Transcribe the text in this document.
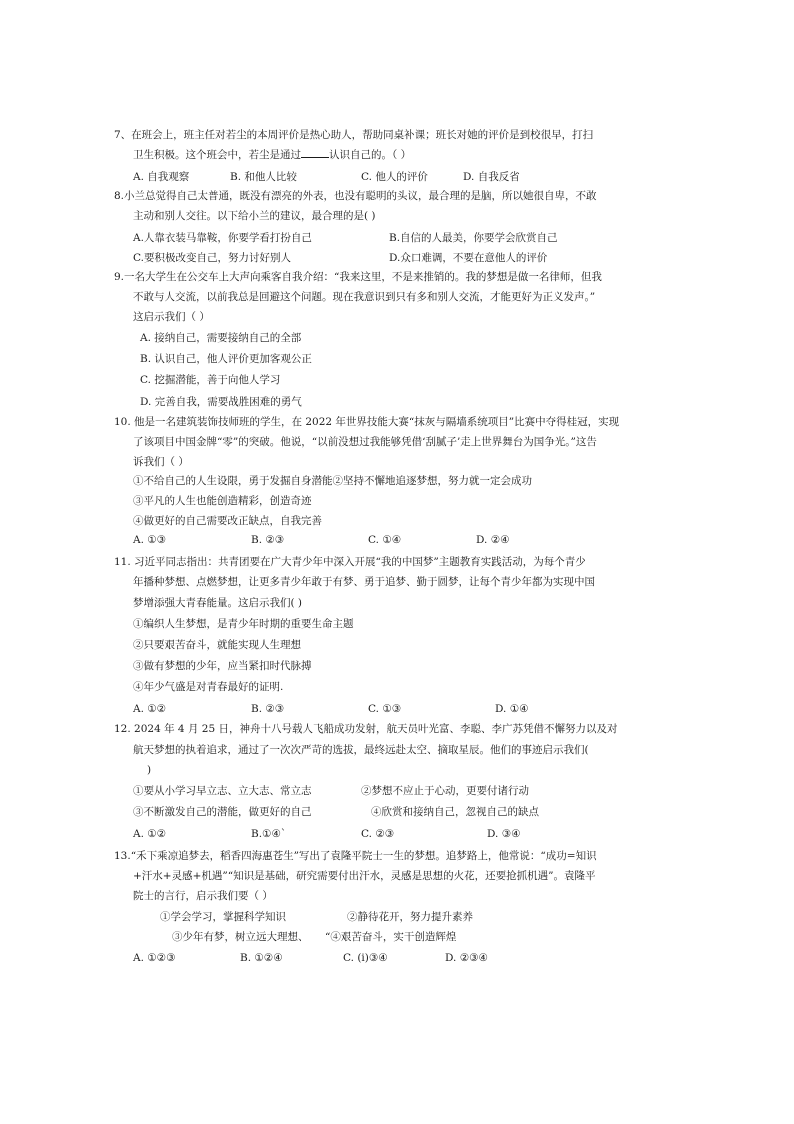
7、在班会上，班主任对若尘的本周评价是热心助人，帮助同桌补课；班长对她的评价是到校很早，打扫
卫生积极。这个班会中，若尘是通过	认识自己的。（ ）
A. 自我观察	B. 和他人比较	C. 他人的评价	D. 自我反省
8.小兰总觉得自己太普通，既没有漂亮的外表，也没有聪明的头议，最合理的是脑，所以她很自卑，不敢
主动和别人交往。以下给小兰的建议，最合理的是( )
A.人靠衣装马靠鞍，你要学看打扮自己	B.自信的人最美，你要学会欣赏自己
C.要积极改变自己，努力讨好别人	D.众口难调，不要在意他人的评价
9.一名大学生在公交车上大声向乘客自我介绍：“我来这里，不是来推销的。我的梦想是做一名律师，但我
不敢与人交流，以前我总是回避这个问题。现在我意识到只有多和别人交流，才能更好为正义发声。”
这启示我们（ ）
A. 接纳自己，需要接纳自己的全部
B. 认识自己，他人评价更加客观公正
C. 挖掘潜能，善于向他人学习
D. 完善自我，需要战胜困难的勇气
10. 他是一名建筑装饰技师班的学生，在 2022 年世界技能大赛“抹灰与隔墙系统项目”比赛中夺得桂冠，实现
了该项目中国金牌“零”的突破。他说，“以前没想过我能够凭借‘刮腻子’走上世界舞台为国争光。”这告
诉我们（ ）
①不给自己的人生设限，勇于发掘自身潜能②坚持不懈地追逐梦想，努力就一定会成功
③平凡的人生也能创造精彩，创造奇迹
④做更好的自己需要改正缺点，自我完善
A. ①③	B. ②③	C. ①④	D. ②④
11. 习近平同志指出：共青团要在广大青少年中深入开展“我的中国梦”主题教育实践活动，为每个青少
年播种梦想、点燃梦想，让更多青少年敢于有梦、勇于追梦、勤于圆梦，让每个青少年都为实现中国
梦增添强大青春能量。这启示我们( )
①编织人生梦想，是青少年时期的重要生命主题
②只要艰苦奋斗，就能实现人生理想
③做有梦想的少年，应当紧扣时代脉搏
④年少气盛是对青春最好的证明.
A. ①②	B. ②③	C. ①③	D. ①④
12. 2024 年 4 月 25 日，神舟十八号载人飞船成功发射，航天员叶光富、李聪、李广苏凭借不懈努力以及对
航天梦想的执着追求，通过了一次次严苛的选拔，最终远赴太空、摘取星辰。他们的事迹启示我们(
)
①要从小学习早立志、立大志、常立志	②梦想不应止于心动，更要付诸行动
③不断激发自己的潜能，做更好的自己	④欣赏和接纳自己，忽视自己的缺点
A. ①②	B.①④`	C. ②③	D. ③④
13.“禾下乘凉追梦去，稻香四海惠苍生”写出了袁隆平院士一生的梦想。追梦路上，他常说：“成功=知识
+汗水+灵感+机遇”“知识是基础，研究需要付出汗水，灵感是思想的火花，还要抢抓机遇”。袁隆平
院士的言行，启示我们要（ ）
①学会学习，掌握科学知识	②静待花开，努力提升素养
③少年有梦，树立远大理想、 “④艰苦奋斗，实干创造辉煌
A. ①②③	B. ①②④	C. (i)③④	D. ②③④
